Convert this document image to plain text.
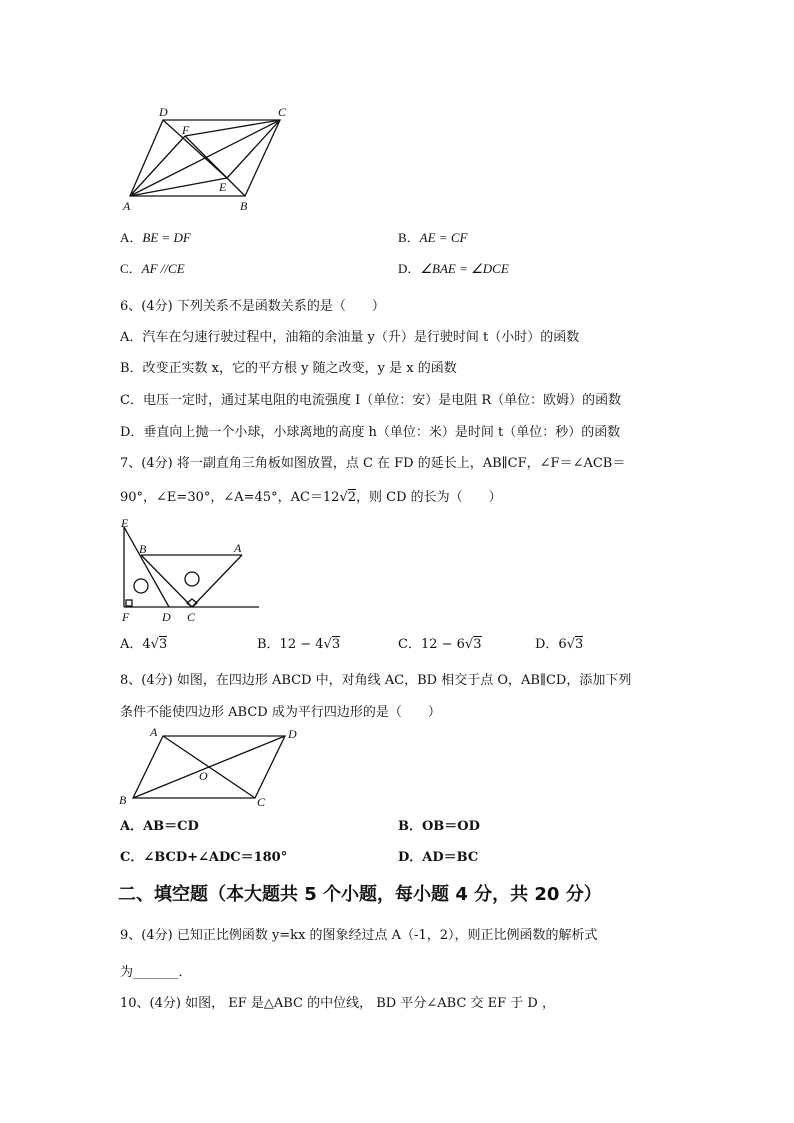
D	C
F
E
A	B
A．BE = DF	B．AE = CF
C．AF //CE	D．∠BAE = ∠DCE
6、(4分) 下列关系不是函数关系的是（　　）
A．汽车在匀速行驶过程中，油箱的余油量 y（升）是行驶时间 t（小时）的函数
B．改变正实数 x，它的平方根 y 随之改变，y 是 x 的函数
C．电压一定时，通过某电阻的电流强度 I（单位：安）是电阻 R（单位：欧姆）的函数
D．垂直向上抛一个小球，小球离地的高度 h（单位：米）是时间 t（单位：秒）的函数
7、(4分) 将一副直角三角板如图放置，点 C 在 FD 的延长上，AB∥CF，∠F＝∠ACB＝
90°，∠E=30°，∠A=45°，AC＝12√2，则 CD 的长为（　　）
E
B	A
F	D C
A．4√3	B．12 − 4√3	C．12 − 6√3	D．6√3
8、(4分) 如图，在四边形 ABCD 中，对角线 AC，BD 相交于点 O，AB∥CD，添加下列
条件不能使四边形 ABCD 成为平行四边形的是（　　）
A	D
O
B	C
A．AB＝CD	B．OB＝OD
C．∠BCD+∠ADC＝180°	D．AD＝BC
二、填空题（本大题共 5 个小题，每小题 4 分，共 20 分）
9、(4分) 已知正比例函数 y=kx 的图象经过点 A（-1，2），则正比例函数的解析式
为_______．
10、(4分) 如图， EF 是△ABC 的中位线， BD 平分∠ABC 交 EF 于 D ，
